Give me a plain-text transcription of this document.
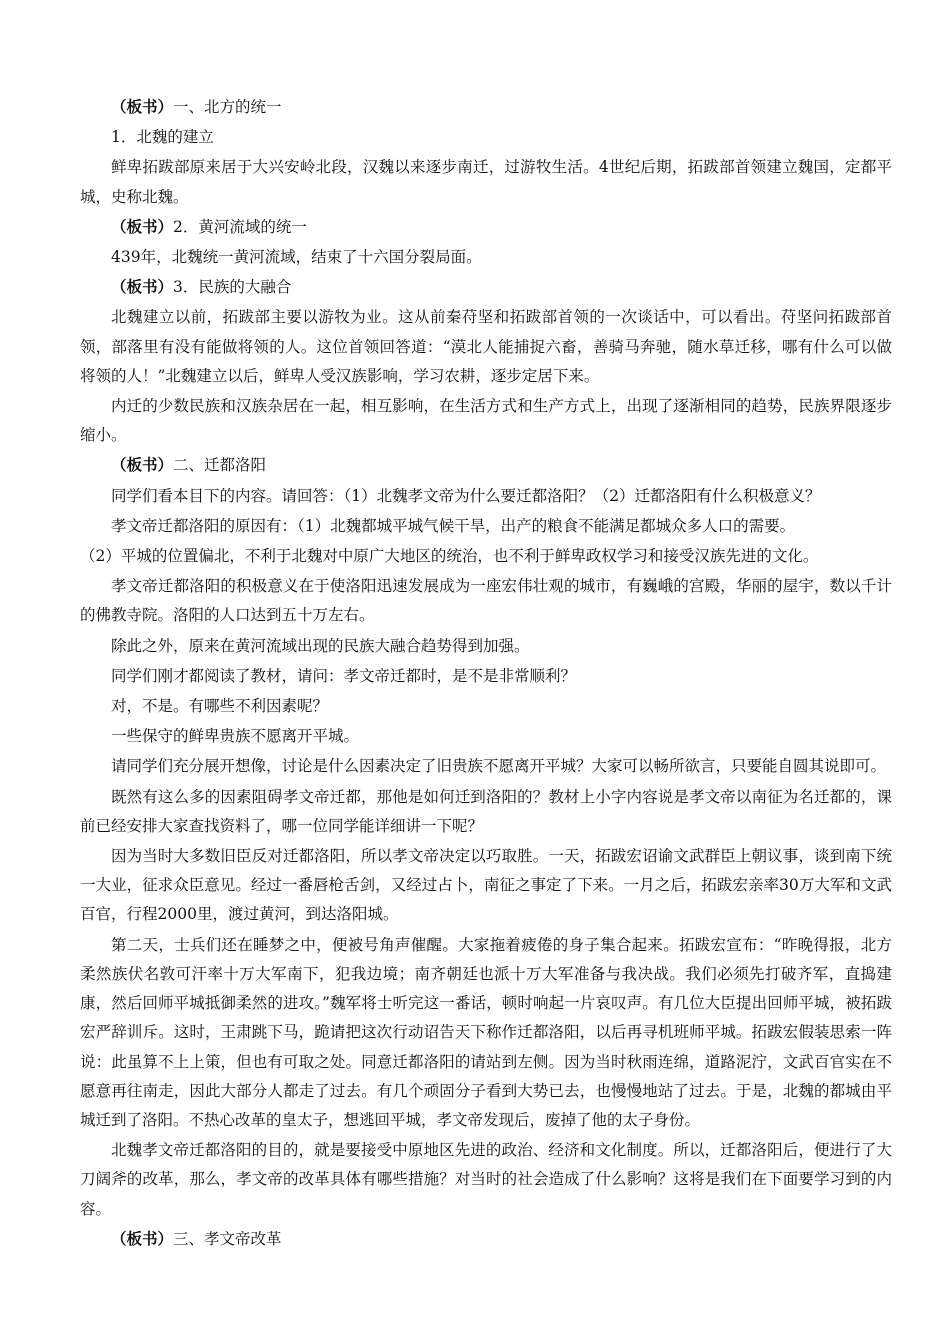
（板书）一、北方的统一

1．北魏的建立

鲜卑拓跋部原来居于大兴安岭北段，汉魏以来逐步南迁，过游牧生活。4世纪后期，拓跋部首领建立魏国，定都平城，史称北魏。

（板书）2．黄河流域的统一

439年，北魏统一黄河流域，结束了十六国分裂局面。

（板书）3．民族的大融合

北魏建立以前，拓跋部主要以游牧为业。这从前秦苻坚和拓跋部首领的一次谈话中，可以看出。苻坚问拓跋部首领，部落里有没有能做将领的人。这位首领回答道：“漠北人能捕捉六畜，善骑马奔驰，随水草迁移，哪有什么可以做将领的人！”北魏建立以后，鲜卑人受汉族影响，学习农耕，逐步定居下来。

内迁的少数民族和汉族杂居在一起，相互影响，在生活方式和生产方式上，出现了逐渐相同的趋势，民族界限逐步缩小。

（板书）二、迁都洛阳

同学们看本目下的内容。请回答：（1）北魏孝文帝为什么要迁都洛阳？（2）迁都洛阳有什么积极意义？

孝文帝迁都洛阳的原因有：（1）北魏都城平城气候干旱，出产的粮食不能满足都城众多人口的需要。

（2）平城的位置偏北，不利于北魏对中原广大地区的统治，也不利于鲜卑政权学习和接受汉族先进的文化。

孝文帝迁都洛阳的积极意义在于使洛阳迅速发展成为一座宏伟壮观的城市，有巍峨的宫殿，华丽的屋宇，数以千计的佛教寺院。洛阳的人口达到五十万左右。

除此之外，原来在黄河流域出现的民族大融合趋势得到加强。

同学们刚才都阅读了教材，请问：孝文帝迁都时，是不是非常顺利？

对，不是。有哪些不利因素呢？

一些保守的鲜卑贵族不愿离开平城。

请同学们充分展开想像，讨论是什么因素决定了旧贵族不愿离开平城？大家可以畅所欲言，只要能自圆其说即可。

既然有这么多的因素阻碍孝文帝迁都，那他是如何迁到洛阳的？教材上小字内容说是孝文帝以南征为名迁都的，课前已经安排大家查找资料了，哪一位同学能详细讲一下呢？

因为当时大多数旧臣反对迁都洛阳，所以孝文帝决定以巧取胜。一天，拓跋宏诏谕文武群臣上朝议事，谈到南下统一大业，征求众臣意见。经过一番唇枪舌剑，又经过占卜，南征之事定了下来。一月之后，拓跋宏亲率30万大军和文武百官，行程2000里，渡过黄河，到达洛阳城。

第二天，士兵们还在睡梦之中，便被号角声催醒。大家拖着疲倦的身子集合起来。拓跋宏宣布：“昨晚得报，北方柔然族伏名敦可汗率十万大军南下，犯我边境；南齐朝廷也派十万大军准备与我决战。我们必须先打破齐军，直捣建康，然后回师平城抵御柔然的进攻。”魏军将士听完这一番话，顿时响起一片哀叹声。有几位大臣提出回师平城，被拓跋宏严辞训斥。这时，王肃跳下马，跪请把这次行动诏告天下称作迁都洛阳，以后再寻机班师平城。拓跋宏假装思索一阵说：此虽算不上上策，但也有可取之处。同意迁都洛阳的请站到左侧。因为当时秋雨连绵，道路泥泞，文武百官实在不愿意再往南走，因此大部分人都走了过去。有几个顽固分子看到大势已去，也慢慢地站了过去。于是，北魏的都城由平城迁到了洛阳。不热心改革的皇太子，想逃回平城，孝文帝发现后，废掉了他的太子身份。

北魏孝文帝迁都洛阳的目的，就是要接受中原地区先进的政治、经济和文化制度。所以，迁都洛阳后，便进行了大刀阔斧的改革，那么，孝文帝的改革具体有哪些措施？对当时的社会造成了什么影响？这将是我们在下面要学习到的内容。

（板书）三、孝文帝改革
